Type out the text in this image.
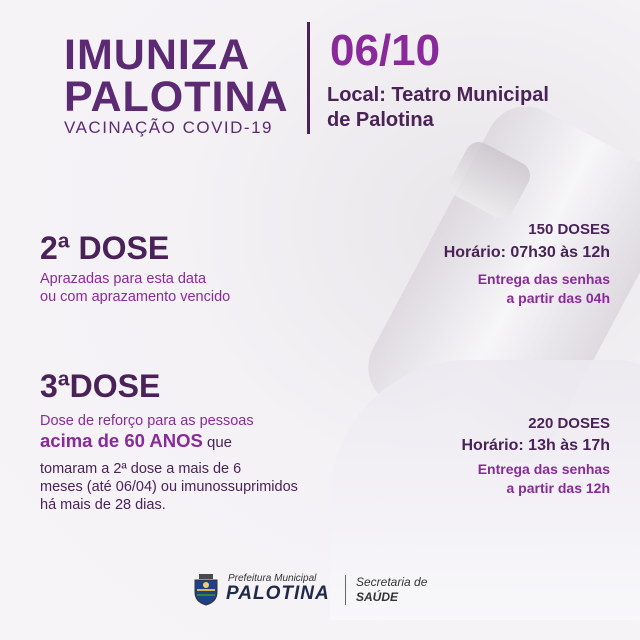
IMUNIZA
PALOTINA
VACINAÇÃO COVID-19
06/10
Local: Teatro Municipal
de Palotina
2ª DOSE
Aprazadas para esta data
ou com aprazamento vencido
150 DOSES
Horário: 07h30 às 12h
Entrega das senhas
a partir das 04h
3ªDOSE
Dose de reforço para as pessoas
acima de 60 ANOS que
tomaram a 2ª dose a mais de 6
meses (até 06/04) ou imunossuprimidos
há mais de 28 dias.
220 DOSES
Horário: 13h às 17h
Entrega das senhas
a partir das 12h
Prefeitura Municipal
PALOTINA
Secretaria de
SAÚDE
